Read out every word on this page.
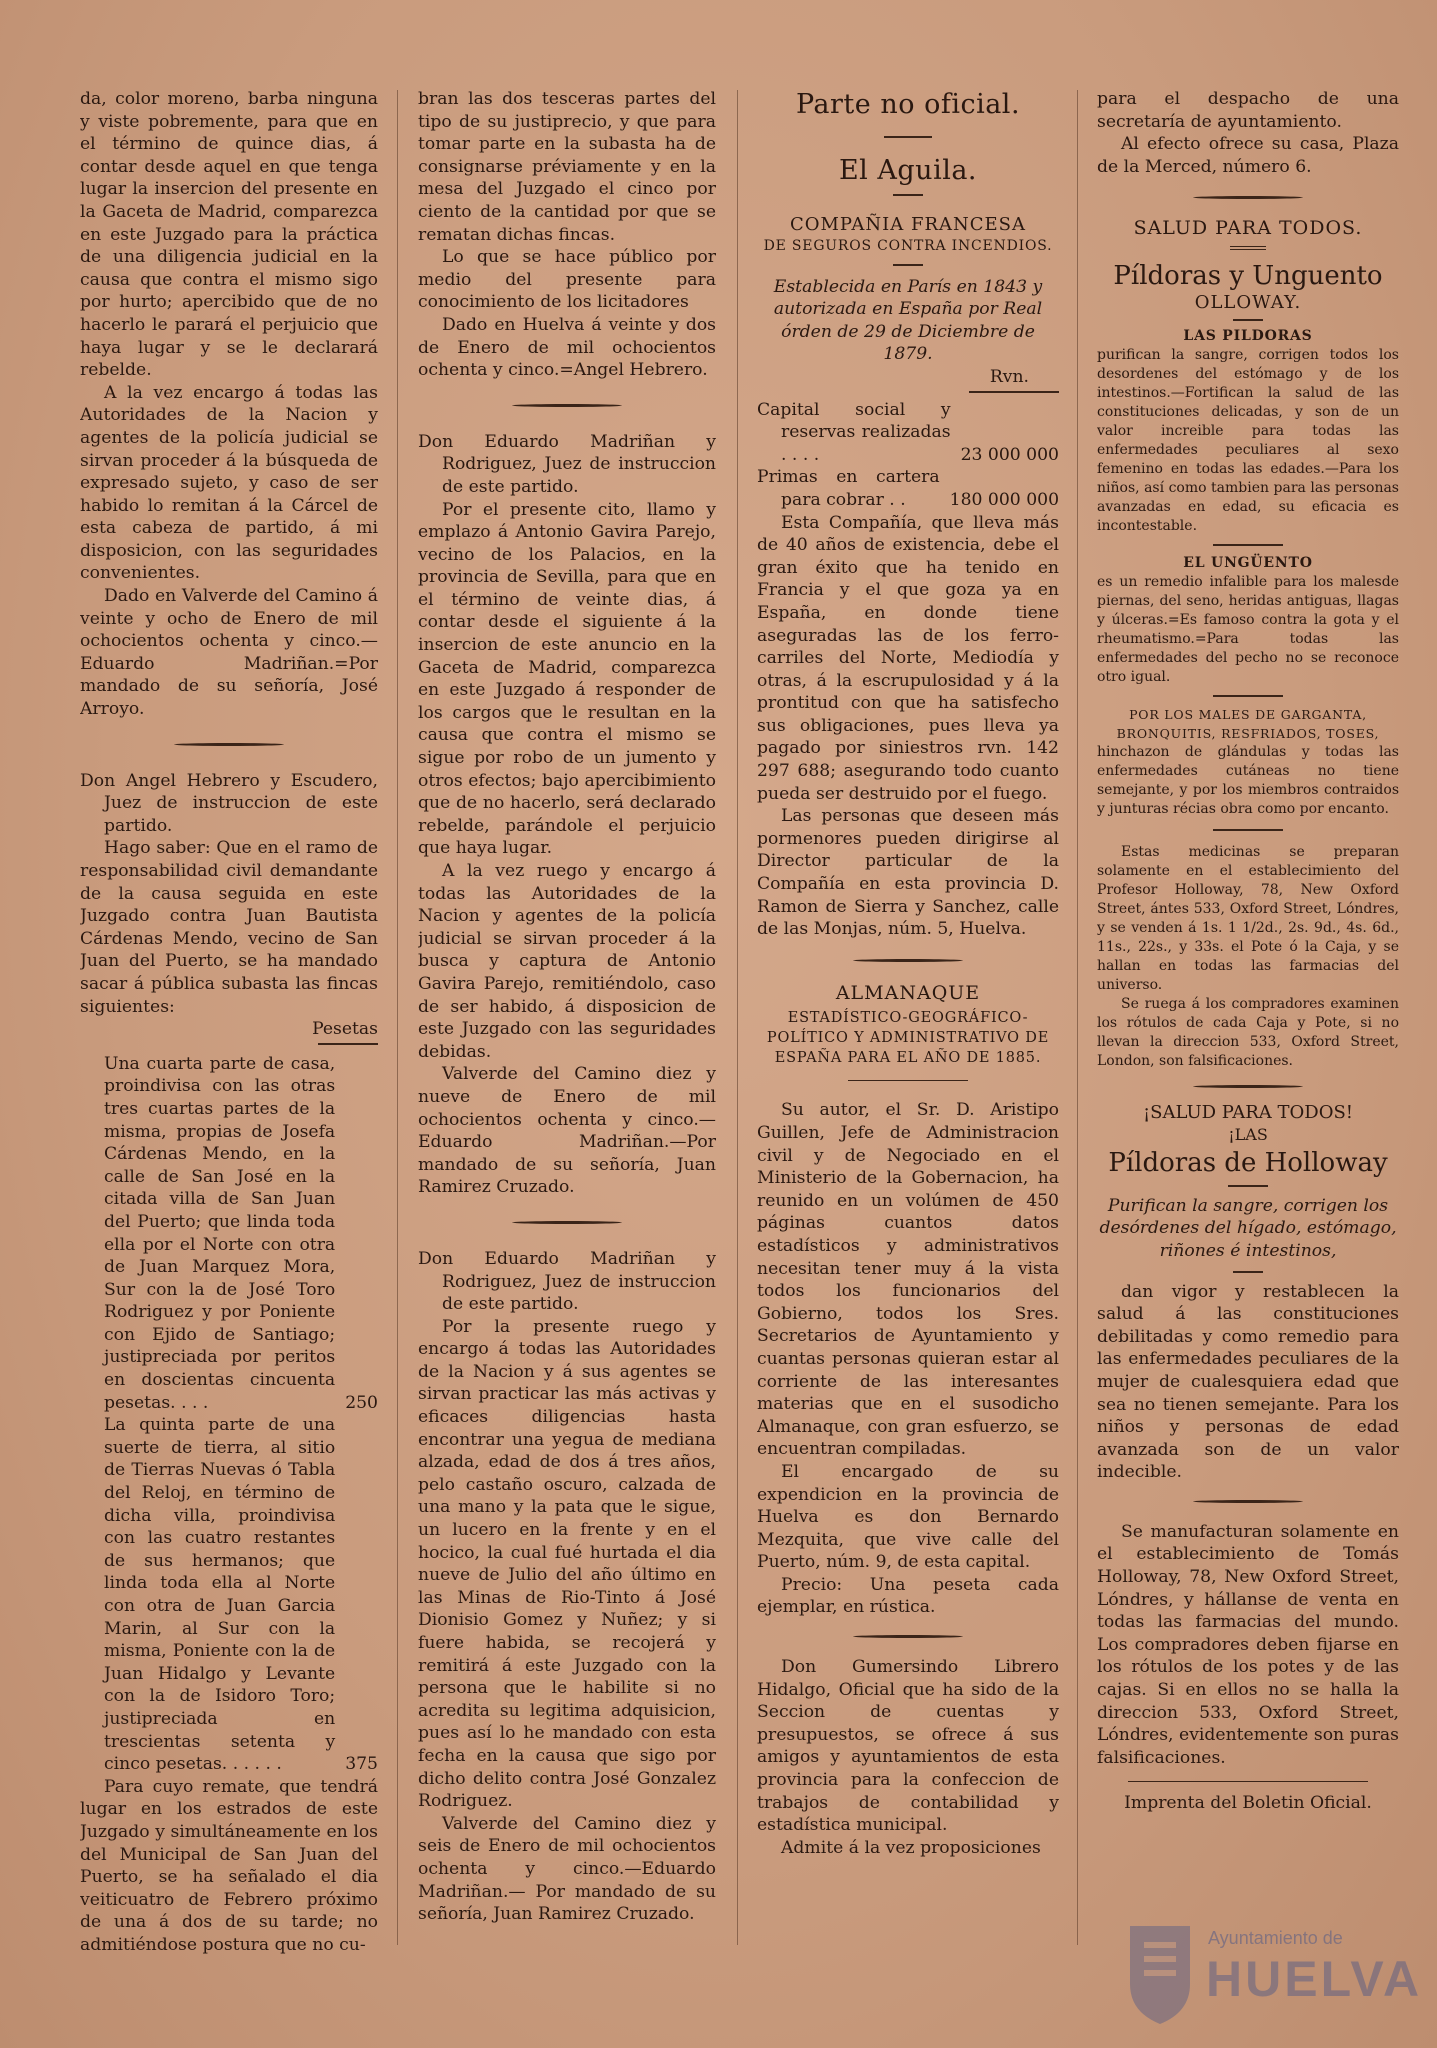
da, color moreno, barba ninguna y viste pobremente, para que en el término de quince dias, á contar desde aquel en que tenga lugar la insercion del presente en la Gaceta de Madrid, comparezca en este Juzgado para la práctica de una diligencia judicial en la causa que contra el mismo sigo por hurto; apercibido que de no hacerlo le parará el perjuicio que haya lugar y se le declarará rebelde.

A la vez encargo á todas las Autoridades de la Nacion y agentes de la policía judicial se sirvan proceder á la búsqueda de expresado sujeto, y caso de ser habido lo remitan á la Cárcel de esta cabeza de partido, á mi disposicion, con las seguridades convenientes.

Dado en Valverde del Camino á veinte y ocho de Enero de mil ochocientos ochenta y cinco.— Eduardo Madriñan.=Por mandado de su señoría, José Arroyo.

Don Angel Hebrero y Escudero, Juez de instruccion de este partido.

Hago saber: Que en el ramo de responsabilidad civil demandante de la causa seguida en este Juzgado contra Juan Bautista Cárdenas Mendo, vecino de San Juan del Puerto, se ha mandado sacar á pública subasta las fincas siguientes:

Pesetas

Una cuarta parte de casa, proindivisa con las otras tres cuartas partes de la misma, propias de Josefa Cárdenas Mendo, en la calle de San José en la citada villa de San Juan del Puerto; que linda toda ella por el Norte con otra de Juan Marquez Mora, Sur con la de José Toro Rodriguez y por Poniente con Ejido de Santiago; justipreciada por peritos en doscientas cincuenta pesetas. . . .	250
La quinta parte de una suerte de tierra, al sitio de Tierras Nuevas ó Tabla del Reloj, en término de dicha villa, proindivisa con las cuatro restantes de sus hermanos; que linda toda ella al Norte con otra de Juan Garcia Marin, al Sur con la misma, Poniente con la de Juan Hidalgo y Levante con la de Isidoro Toro; justipreciada en trescientas setenta y cinco pesetas. . . . . .	375

Para cuyo remate, que tendrá lugar en los estrados de este Juzgado y simultáneamente en los del Municipal de San Juan del Puerto, se ha señalado el dia veiticuatro de Febrero próximo de una á dos de su tarde; no admitiéndose postura que no cu-

bran las dos tesceras partes del tipo de su justiprecio, y que para tomar parte en la subasta ha de consignarse préviamente y en la mesa del Juzgado el cinco por ciento de la cantidad por que se rematan dichas fincas.

Lo que se hace público por medio del presente para conocimiento de los licitadores

Dado en Huelva á veinte y dos de Enero de mil ochocientos ochenta y cinco.=Angel Hebrero.

Don Eduardo Madriñan y Rodriguez, Juez de instruccion de este partido.

Por el presente cito, llamo y emplazo á Antonio Gavira Parejo, vecino de los Palacios, en la provincia de Sevilla, para que en el término de veinte dias, á contar desde el siguiente á la insercion de este anuncio en la Gaceta de Madrid, comparezca en este Juzgado á responder de los cargos que le resultan en la causa que contra el mismo se sigue por robo de un jumento y otros efectos; bajo apercibimiento que de no hacerlo, será declarado rebelde, parándole el perjuicio que haya lugar.

A la vez ruego y encargo á todas las Autoridades de la Nacion y agentes de la policía judicial se sirvan proceder á la busca y captura de Antonio Gavira Parejo, remitiéndolo, caso de ser habido, á disposicion de este Juzgado con las seguridades debidas.

Valverde del Camino diez y nueve de Enero de mil ochocientos ochenta y cinco.—Eduardo Madriñan.—Por mandado de su señoría, Juan Ramirez Cruzado.

Don Eduardo Madriñan y Rodriguez, Juez de instruccion de este partido.

Por la presente ruego y encargo á todas las Autoridades de la Nacion y á sus agentes se sirvan practicar las más activas y eficaces diligencias hasta encontrar una yegua de mediana alzada, edad de dos á tres años, pelo castaño oscuro, calzada de una mano y la pata que le sigue, un lucero en la frente y en el hocico, la cual fué hurtada el dia nueve de Julio del año último en las Minas de Rio-Tinto á José Dionisio Gomez y Nuñez; y si fuere habida, se recojerá y remitirá á este Juzgado con la persona que le habilite si no acredita su legitima adquisicion, pues así lo he mandado con esta fecha en la causa que sigo por dicho delito contra José Gonzalez Rodriguez.

Valverde del Camino diez y seis de Enero de mil ochocientos ochenta y cinco.—Eduardo Madriñan.— Por mandado de su señoría, Juan Ramirez Cruzado.

Parte no oficial.

El Aguila.

COMPAÑIA FRANCESA

DE SEGUROS CONTRA INCENDIOS.

Establecida en París en 1843 y autorizada en España por Real órden de 29 de Diciembre de 1879.

Rvn.

Capital social y reservas realizadas . . . .	23 000 000
Primas en cartera para cobrar . .	180 000 000

Esta Compañía, que lleva más de 40 años de existencia, debe el gran éxito que ha tenido en Francia y el que goza ya en España, en donde tiene aseguradas las de los ferro-carriles del Norte, Mediodía y otras, á la escrupulosidad y á la prontitud con que ha satisfecho sus obligaciones, pues lleva ya pagado por siniestros rvn. 142 297 688; asegurando todo cuanto pueda ser destruido por el fuego.

Las personas que deseen más pormenores pueden dirigirse al Director particular de la Compañía en esta provincia D. Ramon de Sierra y Sanchez, calle de las Monjas, núm. 5, Huelva.

ALMANAQUE

ESTADÍSTICO-GEOGRÁFICO-POLÍTICO Y ADMINISTRATIVO DE ESPAÑA PARA EL AÑO DE 1885.

Su autor, el Sr. D. Aristipo Guillen, Jefe de Administracion civil y de Negociado en el Ministerio de la Gobernacion, ha reunido en un volúmen de 450 páginas cuantos datos estadísticos y administrativos necesitan tener muy á la vista todos los funcionarios del Gobierno, todos los Sres. Secretarios de Ayuntamiento y cuantas personas quieran estar al corriente de las interesantes materias que en el susodicho Almanaque, con gran esfuerzo, se encuentran compiladas.

El encargado de su expendicion en la provincia de Huelva es don Bernardo Mezquita, que vive calle del Puerto, núm. 9, de esta capital.

Precio: Una peseta cada ejemplar, en rústica.

Don Gumersindo Librero Hidalgo, Oficial que ha sido de la Seccion de cuentas y presupuestos, se ofrece á sus amigos y ayuntamientos de esta provincia para la confeccion de trabajos de contabilidad y estadística municipal.

Admite á la vez proposiciones

para el despacho de una secretaría de ayuntamiento.

Al efecto ofrece su casa, Plaza de la Merced, número 6.

SALUD PARA TODOS.

Píldoras y Unguento

OLLOWAY.

LAS PILDORAS

purifican la sangre, corrigen todos los desordenes del estómago y de los intestinos.—Fortifican la salud de las constituciones delicadas, y son de un valor increible para todas las enfermedades peculiares al sexo femenino en todas las edades.—Para los niños, así como tambien para las personas avanzadas en edad, su eficacia es incontestable.

EL UNGÜENTO

es un remedio infalible para los malesde piernas, del seno, heridas antiguas, llagas y úlceras.=Es famoso contra la gota y el rheumatismo.=Para todas las enfermedades del pecho no se reconoce otro igual.

POR LOS MALES DE GARGANTA, BRONQUITIS, RESFRIADOS, TOSES,

hinchazon de glándulas y todas las enfermedades cutáneas no tiene semejante, y por los miembros contraidos y junturas récias obra como por encanto.

Estas medicinas se preparan solamente en el establecimiento del Profesor Holloway, 78, New Oxford Street, ántes 533, Oxford Street, Lóndres, y se venden á 1s. 1 1/2d., 2s. 9d., 4s. 6d., 11s., 22s., y 33s. el Pote ó la Caja, y se hallan en todas las farmacias del universo.

Se ruega á los compradores examinen los rótulos de cada Caja y Pote, si no llevan la direccion 533, Oxford Street, London, son falsificaciones.

¡SALUD PARA TODOS!

¡LAS

Píldoras de Holloway

Purifican la sangre, corrigen los desórdenes del hígado, estómago, riñones é intestinos,

dan vigor y restablecen la salud á las constituciones debilitadas y como remedio para las enfermedades peculiares de la mujer de cualesquiera edad que sea no tienen semejante. Para los niños y personas de edad avanzada son de un valor indecible.

Se manufacturan solamente en el establecimiento de Tomás Holloway, 78, New Oxford Street, Lóndres, y hállanse de venta en todas las farmacias del mundo. Los compradores deben fijarse en los rótulos de los potes y de las cajas. Si en ellos no se halla la direccion 533, Oxford Street, Lóndres, evidentemente son puras falsificaciones.

Imprenta del Boletin Oficial.

Ayuntamiento de
HUELVA
